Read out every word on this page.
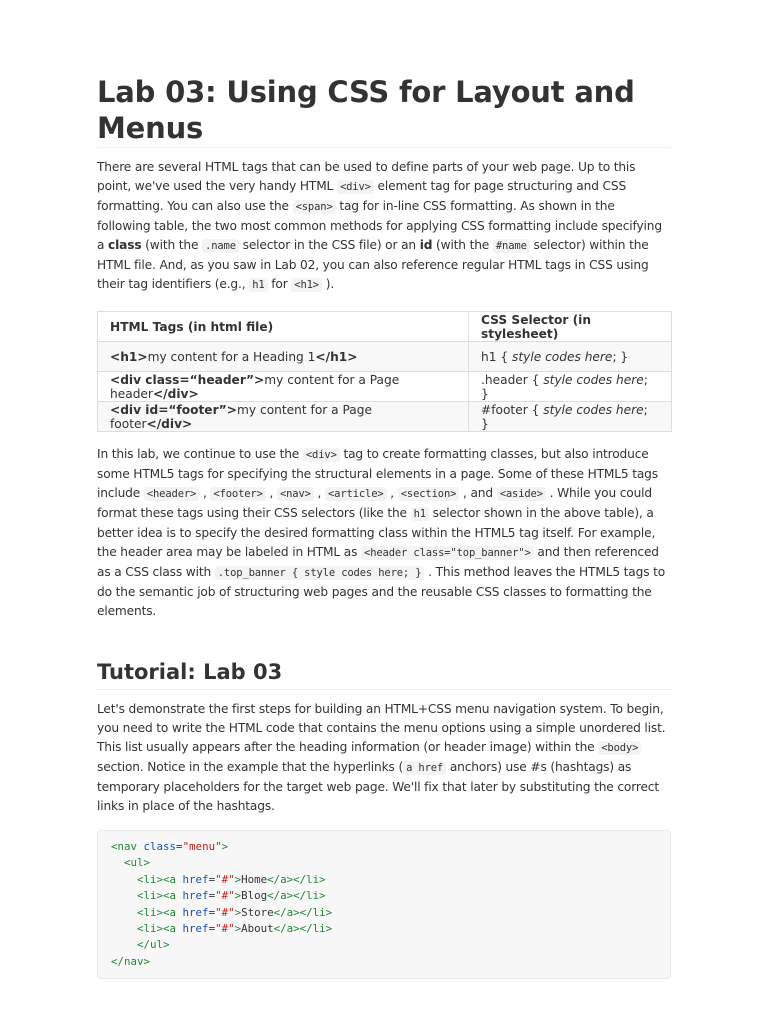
Lab 03: Using CSS for Layout and Menus

There are several HTML tags that can be used to define parts of your web page. Up to this point, we've used the very handy HTML <div> element tag for page structuring and CSS formatting. You can also use the <span> tag for in-line CSS formatting. As shown in the following table, the two most common methods for applying CSS formatting include specifying a class (with the .name selector in the CSS file) or an id (with the #name selector) within the HTML file. And, as you saw in Lab 02, you can also reference regular HTML tags in CSS using their tag identifiers (e.g., h1 for <h1> ).

HTML Tags (in html file)	CSS Selector (in stylesheet)
<h1>my content for a Heading 1</h1>	h1 { style codes here; }
<div class=“header”>my content for a Page header</div>	.header { style codes here; }
<div id=“footer”>my content for a Page footer</div>	#footer { style codes here; }

In this lab, we continue to use the <div> tag to create formatting classes, but also introduce some HTML5 tags for specifying the structural elements in a page. Some of these HTML5 tags include <header> , <footer> , <nav> , <article> , <section> , and <aside> . While you could format these tags using their CSS selectors (like the h1 selector shown in the above table), a better idea is to specify the desired formatting class within the HTML5 tag itself. For example, the header area may be labeled in HTML as <header class="top_banner"> and then referenced as a CSS class with .top_banner { style codes here; } . This method leaves the HTML5 tags to do the semantic job of structuring web pages and the reusable CSS classes to formatting the elements.

Tutorial: Lab 03

Let's demonstrate the first steps for building an HTML+CSS menu navigation system. To begin, you need to write the HTML code that contains the menu options using a simple unordered list. This list usually appears after the heading information (or header image) within the <body> section. Notice in the example that the hyperlinks ( a href anchors) use #s (hashtags) as temporary placeholders for the target web page. We'll fix that later by substituting the correct links in place of the hashtags.

<nav class="menu">
<ul>
<li><a href="#">Home</a></li>
<li><a href="#">Blog</a></li>
<li><a href="#">Store</a></li>
<li><a href="#">About</a></li>
</ul>
</nav>
